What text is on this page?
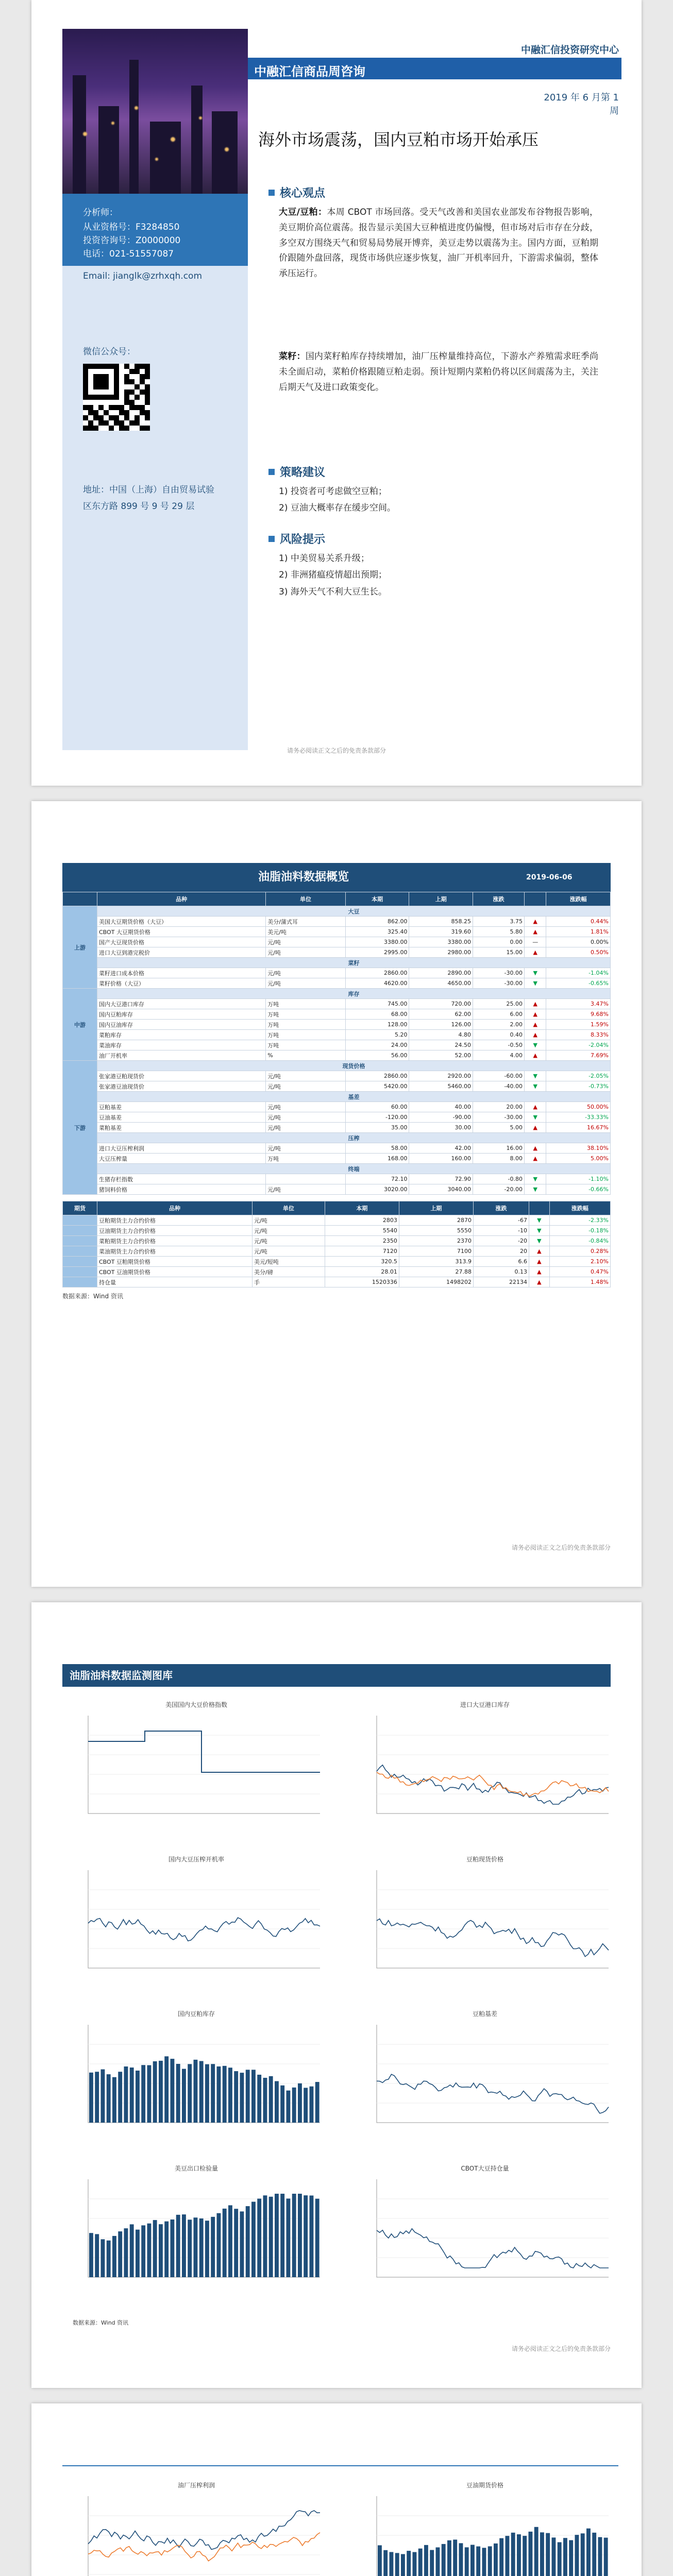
中融汇信投资研究中心
中融汇信商品周咨询
2019 年 6 月第 1 周
海外市场震荡，国内豆粕市场开始承压
分析师：
从业资格号：F3284850
投资咨询号：Z0000000
电话：021-51557087
Email: jianglk@zrhxqh.com
微信公众号：
地址：中国（上海）自由贸易试验
区东方路 899 号 9 号 29 层
核心观点
大豆/豆粕：本周 CBOT 市场回落。受天气改善和美国农业部发布谷物报告影响，美豆期价高位震荡。报告显示美国大豆种植进度仍偏慢，但市场对后市存在分歧，多空双方围绕天气和贸易局势展开博弈，美豆走势以震荡为主。国内方面，豆粕期价跟随外盘回落，现货市场供应逐步恢复，油厂开机率回升，下游需求偏弱，整体承压运行。
菜籽：国内菜籽粕库存持续增加，油厂压榨量维持高位，下游水产养殖需求旺季尚未全面启动，菜粕价格跟随豆粕走弱。预计短期内菜粕仍将以区间震荡为主，关注后期天气及进口政策变化。
策略建议
1) 投资者可考虑做空豆粕；
2) 豆油大概率存在缓步空间。
风险提示
1) 中美贸易关系升级；
2) 非洲猪瘟疫情超出预期；
3) 海外天气不利大豆生长。
请务必阅读正文之后的免责条款部分
油脂油料数据概览	2019-06-06
	品种	单位	本期	上期	涨跌		涨跌幅
上游	大豆						
	美国大豆期货价格（大豆）	美分/蒲式耳	862.00	858.25	3.75	▲	0.44%
	CBOT 大豆期货价格	美元/吨	325.40	319.60	5.80	▲	1.81%
	国产大豆现货价格	元/吨	3380.00	3380.00	0.00	—	0.00%
	进口大豆到港完税价	元/吨	2995.00	2980.00	15.00	▲	0.50%
	菜籽						
	菜籽进口成本价格	元/吨	2860.00	2890.00	-30.00	▼	-1.04%
	菜籽价格（大豆）	元/吨	4620.00	4650.00	-30.00	▼	-0.65%
中游	库存						
	国内大豆港口库存	万吨	745.00	720.00	25.00	▲	3.47%
	国内豆粕库存	万吨	68.00	62.00	6.00	▲	9.68%
	国内豆油库存	万吨	128.00	126.00	2.00	▲	1.59%
	菜粕库存	万吨	5.20	4.80	0.40	▲	8.33%
	菜油库存	万吨	24.00	24.50	-0.50	▼	-2.04%
	油厂开机率	%	56.00	52.00	4.00	▲	7.69%
下游	现货价格						
	张家港豆粕现货价	元/吨	2860.00	2920.00	-60.00	▼	-2.05%
	张家港豆油现货价	元/吨	5420.00	5460.00	-40.00	▼	-0.73%
	基差						
	豆粕基差	元/吨	60.00	40.00	20.00	▲	50.00%
	豆油基差	元/吨	-120.00	-90.00	-30.00	▼	-33.33%
	菜粕基差	元/吨	35.00	30.00	5.00	▲	16.67%
	压榨						
	进口大豆压榨利润	元/吨	58.00	42.00	16.00	▲	38.10%
	大豆压榨量	万吨	168.00	160.00	8.00	▲	5.00%
	终端						
	生猪存栏指数		72.10	72.90	-0.80	▼	-1.10%
	猪饲料价格	元/吨	3020.00	3040.00	-20.00	▼	-0.66%
期货	品种	单位	本期	上期	涨跌		涨跌幅
	豆粕期货主力合约价格	元/吨	2803	2870	-67	▼	-2.33%
	豆油期货主力合约价格	元/吨	5540	5550	-10	▼	-0.18%
	菜粕期货主力合约价格	元/吨	2350	2370	-20	▼	-0.84%
	菜油期货主力合约价格	元/吨	7120	7100	20	▲	0.28%
	CBOT 豆粕期货价格	美元/短吨	320.5	313.9	6.6	▲	2.10%
	CBOT 豆油期货价格	美分/磅	28.01	27.88	0.13	▲	0.47%
	持仓量	手	1520336	1498202	22134	▲	1.48%
数据来源：Wind 资讯
请务必阅读正文之后的免责条款部分
油脂油料数据监测图库
美国国内大豆价格指数	进口大豆港口库存
国内大豆压榨开机率	豆粕现货价格
国内豆粕库存	豆粕基差
美豆出口检验量	CBOT大豆持仓量
数据来源：Wind 资讯
请务必阅读正文之后的免责条款部分
油厂压榨利润	豆油期货价格
